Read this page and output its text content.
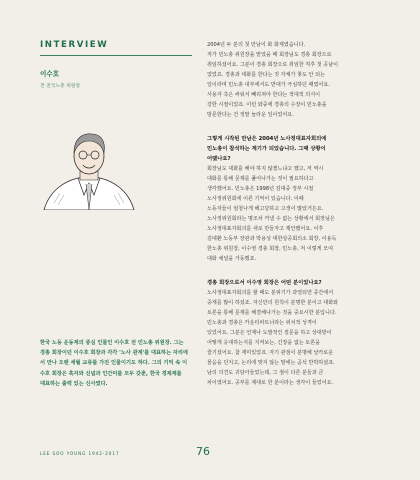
INTERVIEW
이수호
전 전국노총 위원장
한국 노동 운동계의 중심 인물인 이수호 전 민노총 위원장. 그는 경총 회장이던 이수호 회장과 각각 '노사 관계'를 대표하는 자리에서 만나 오랜 세월 교류를 가진 인물이기도 하다. 그의 기억 속 이수호 회장은 혹자와 신념과 인간미를 모두 갖춘, 한국 경제계를 대표하는 출력 있는 신사였다.
2004년 두 분의 첫 만남이 화 화제였습니다.
직가 민노총 위원장을 맡았을 때 회장님도 경총 회장으로
취임하셨어요. 그분이 경총 회장으로 취임한 직후 첫 공남이
었었죠. 경총과 대화를 한다는 것 자체가 찾도 안 되는
일이라며 민노총 내부에서도 반대가 극심하던 때였어요.
사용자 측은 싸워서 빼리쳐야 한다는 적대적 의식이
강한 시절이었죠. 이런 와중에 경총의 수장이 민노총을
방문한다는 건 정말 놀라운 일이었어요.
그렇게 시작된 만남은 2004년 노사정대표자회의에
민노총이 참석하는 계기가 되었습니다. 그때 상황이
어땠나요?
회장님도 대화를 해야 하지 않겠느냐고 했고, 저 역시
대화를 통해 문제를 풀어나가는 것이 필요하다고
생각했어요. 민노총은 1998년 김대중 정부 시절
노사정위원회에 이른 기억이 있습니다. 이때
노동자들이 엄청나게 해고당하고 고생이 많았거든요.
노사정위원회라는 명조차 꺼낼 수 없는 상황에서 회장님은
노사정대표자회의를 새로 만들자고 제안했어요. 이후
김대환 노동부 장관과 박용성 대한상공회의소 회장, 이용득
한노총 위원장, 이수영 경총 회장, 민노총, 저 이렇게 모여
대화 채널을 가동했죠.
경총 회장으로서 이수영 회장은 어떤 분이었나요?
노사정대표자회의를 할 때도 분위기가 과열되면 중간에서
중재를 많이 하셨죠. 자신만의 원칙이 분명한 분이고 대화와
토론을 통해 문제를 해결해나가는 것을 중요시한 분입니다.
민노총과 경총은 카운터파트너라는 위치적 성격이
있었어요. 그분은 언제나 도발적인 질문을 하고 상대방이
어떻게 응대하는지를 지켜보는, 긴장을 없는 토론을
즐기셨어요. 참 재미있었죠. 자기 관점이 분명해 날카로운
물음을 던지고, 논리에 맞지 않는 말에는 곧석 반박하셨죠.
남의 의견도 귀담아들었는데, 그 점이 다른 분들과 큰
차이였어요. 공부를 제대로 한 분이라는 생각이 들었어요.
LEE SOO YOUNG 1942-2017	76
